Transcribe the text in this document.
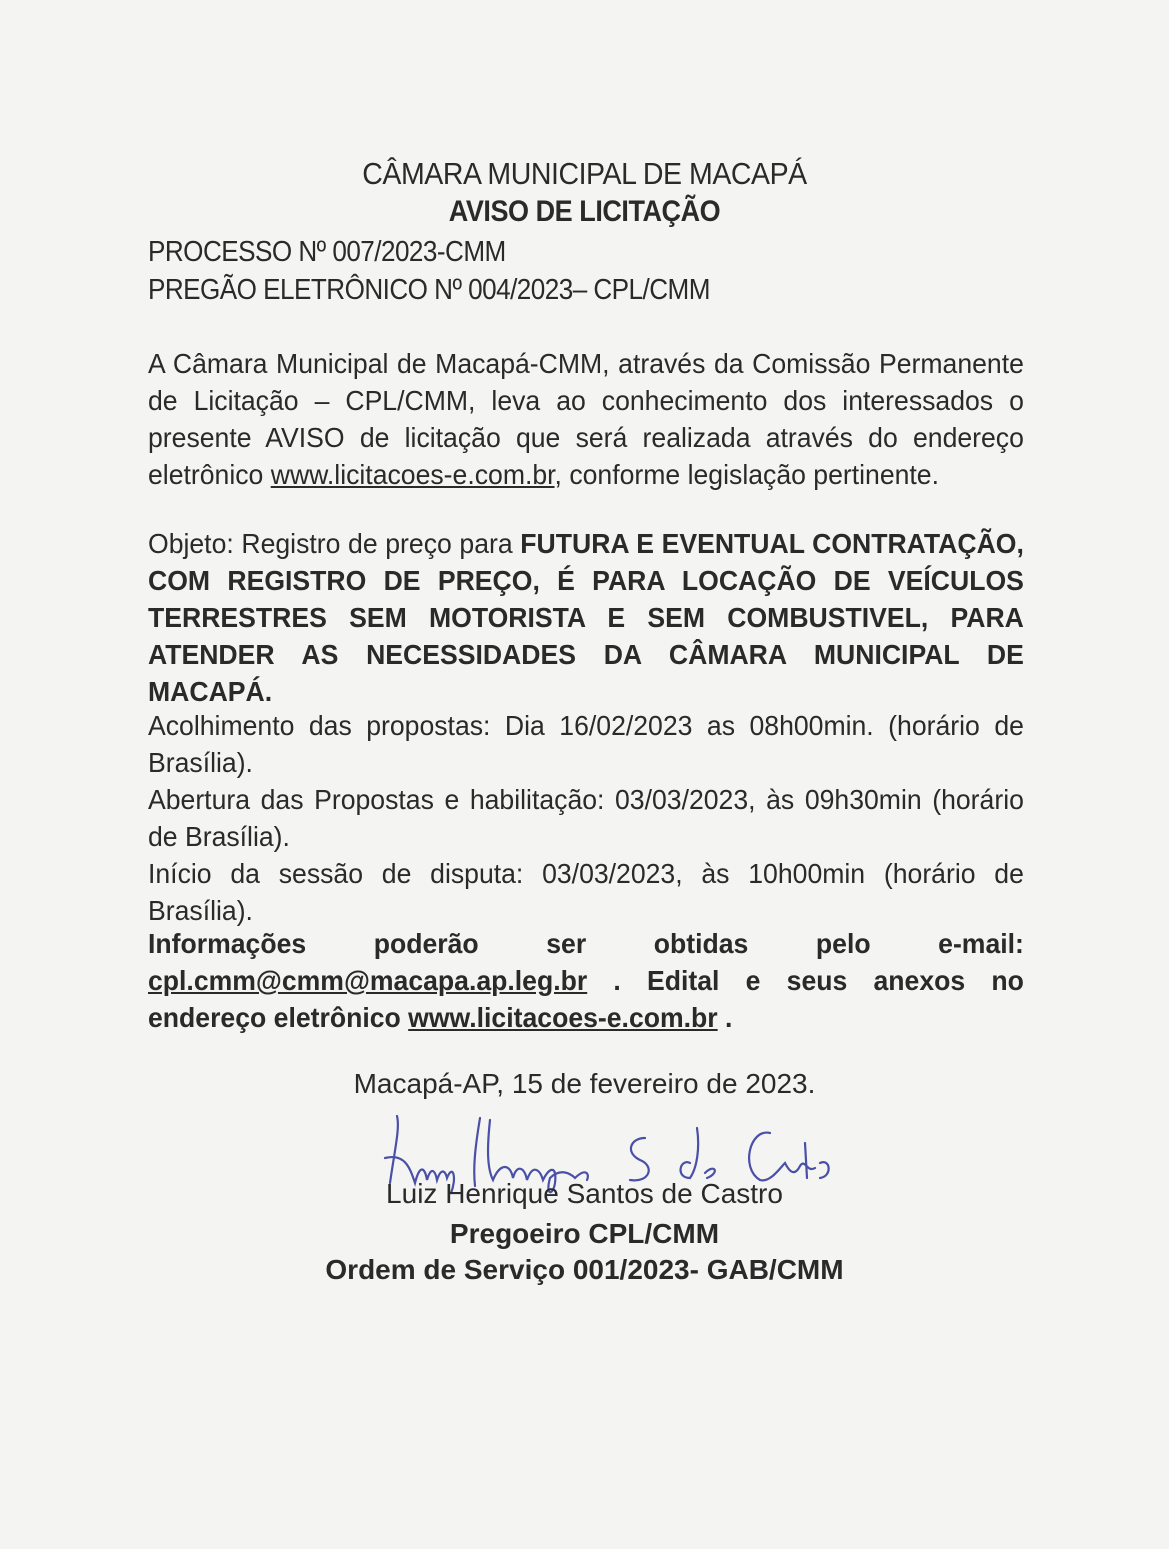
CÂMARA MUNICIPAL DE MACAPÁ
AVISO DE LICITAÇÃO
PROCESSO Nº 007/2023-CMM
PREGÃO ELETRÔNICO Nº 004/2023– CPL/CMM
A Câmara Municipal de Macapá-CMM, através da Comissão Permanente de Licitação – CPL/CMM, leva ao conhecimento dos interessados o presente AVISO de licitação que será realizada através do endereço eletrônico www.licitacoes-e.com.br, conforme legislação pertinente.
Objeto: Registro de preço para FUTURA E EVENTUAL CONTRATAÇÃO, COM REGISTRO DE PREÇO, É PARA LOCAÇÃO DE VEÍCULOS TERRESTRES SEM MOTORISTA E SEM COMBUSTIVEL, PARA ATENDER AS NECESSIDADES DA CÂMARA MUNICIPAL DE MACAPÁ.
Acolhimento das propostas: Dia 16/02/2023 as 08h00min. (horário de Brasília).
Abertura das Propostas e habilitação: 03/03/2023, às 09h30min (horário de Brasília).
Início da sessão de disputa: 03/03/2023, às 10h00min (horário de Brasília).
Informações poderão ser obtidas pelo e-mail: cpl.cmm@cmm@macapa.ap.leg.br . Edital e seus anexos no endereço eletrônico www.licitacoes-e.com.br .
Macapá-AP, 15 de fevereiro de 2023.
Luiz Henrique Santos de Castro
Pregoeiro CPL/CMM
Ordem de Serviço 001/2023- GAB/CMM
